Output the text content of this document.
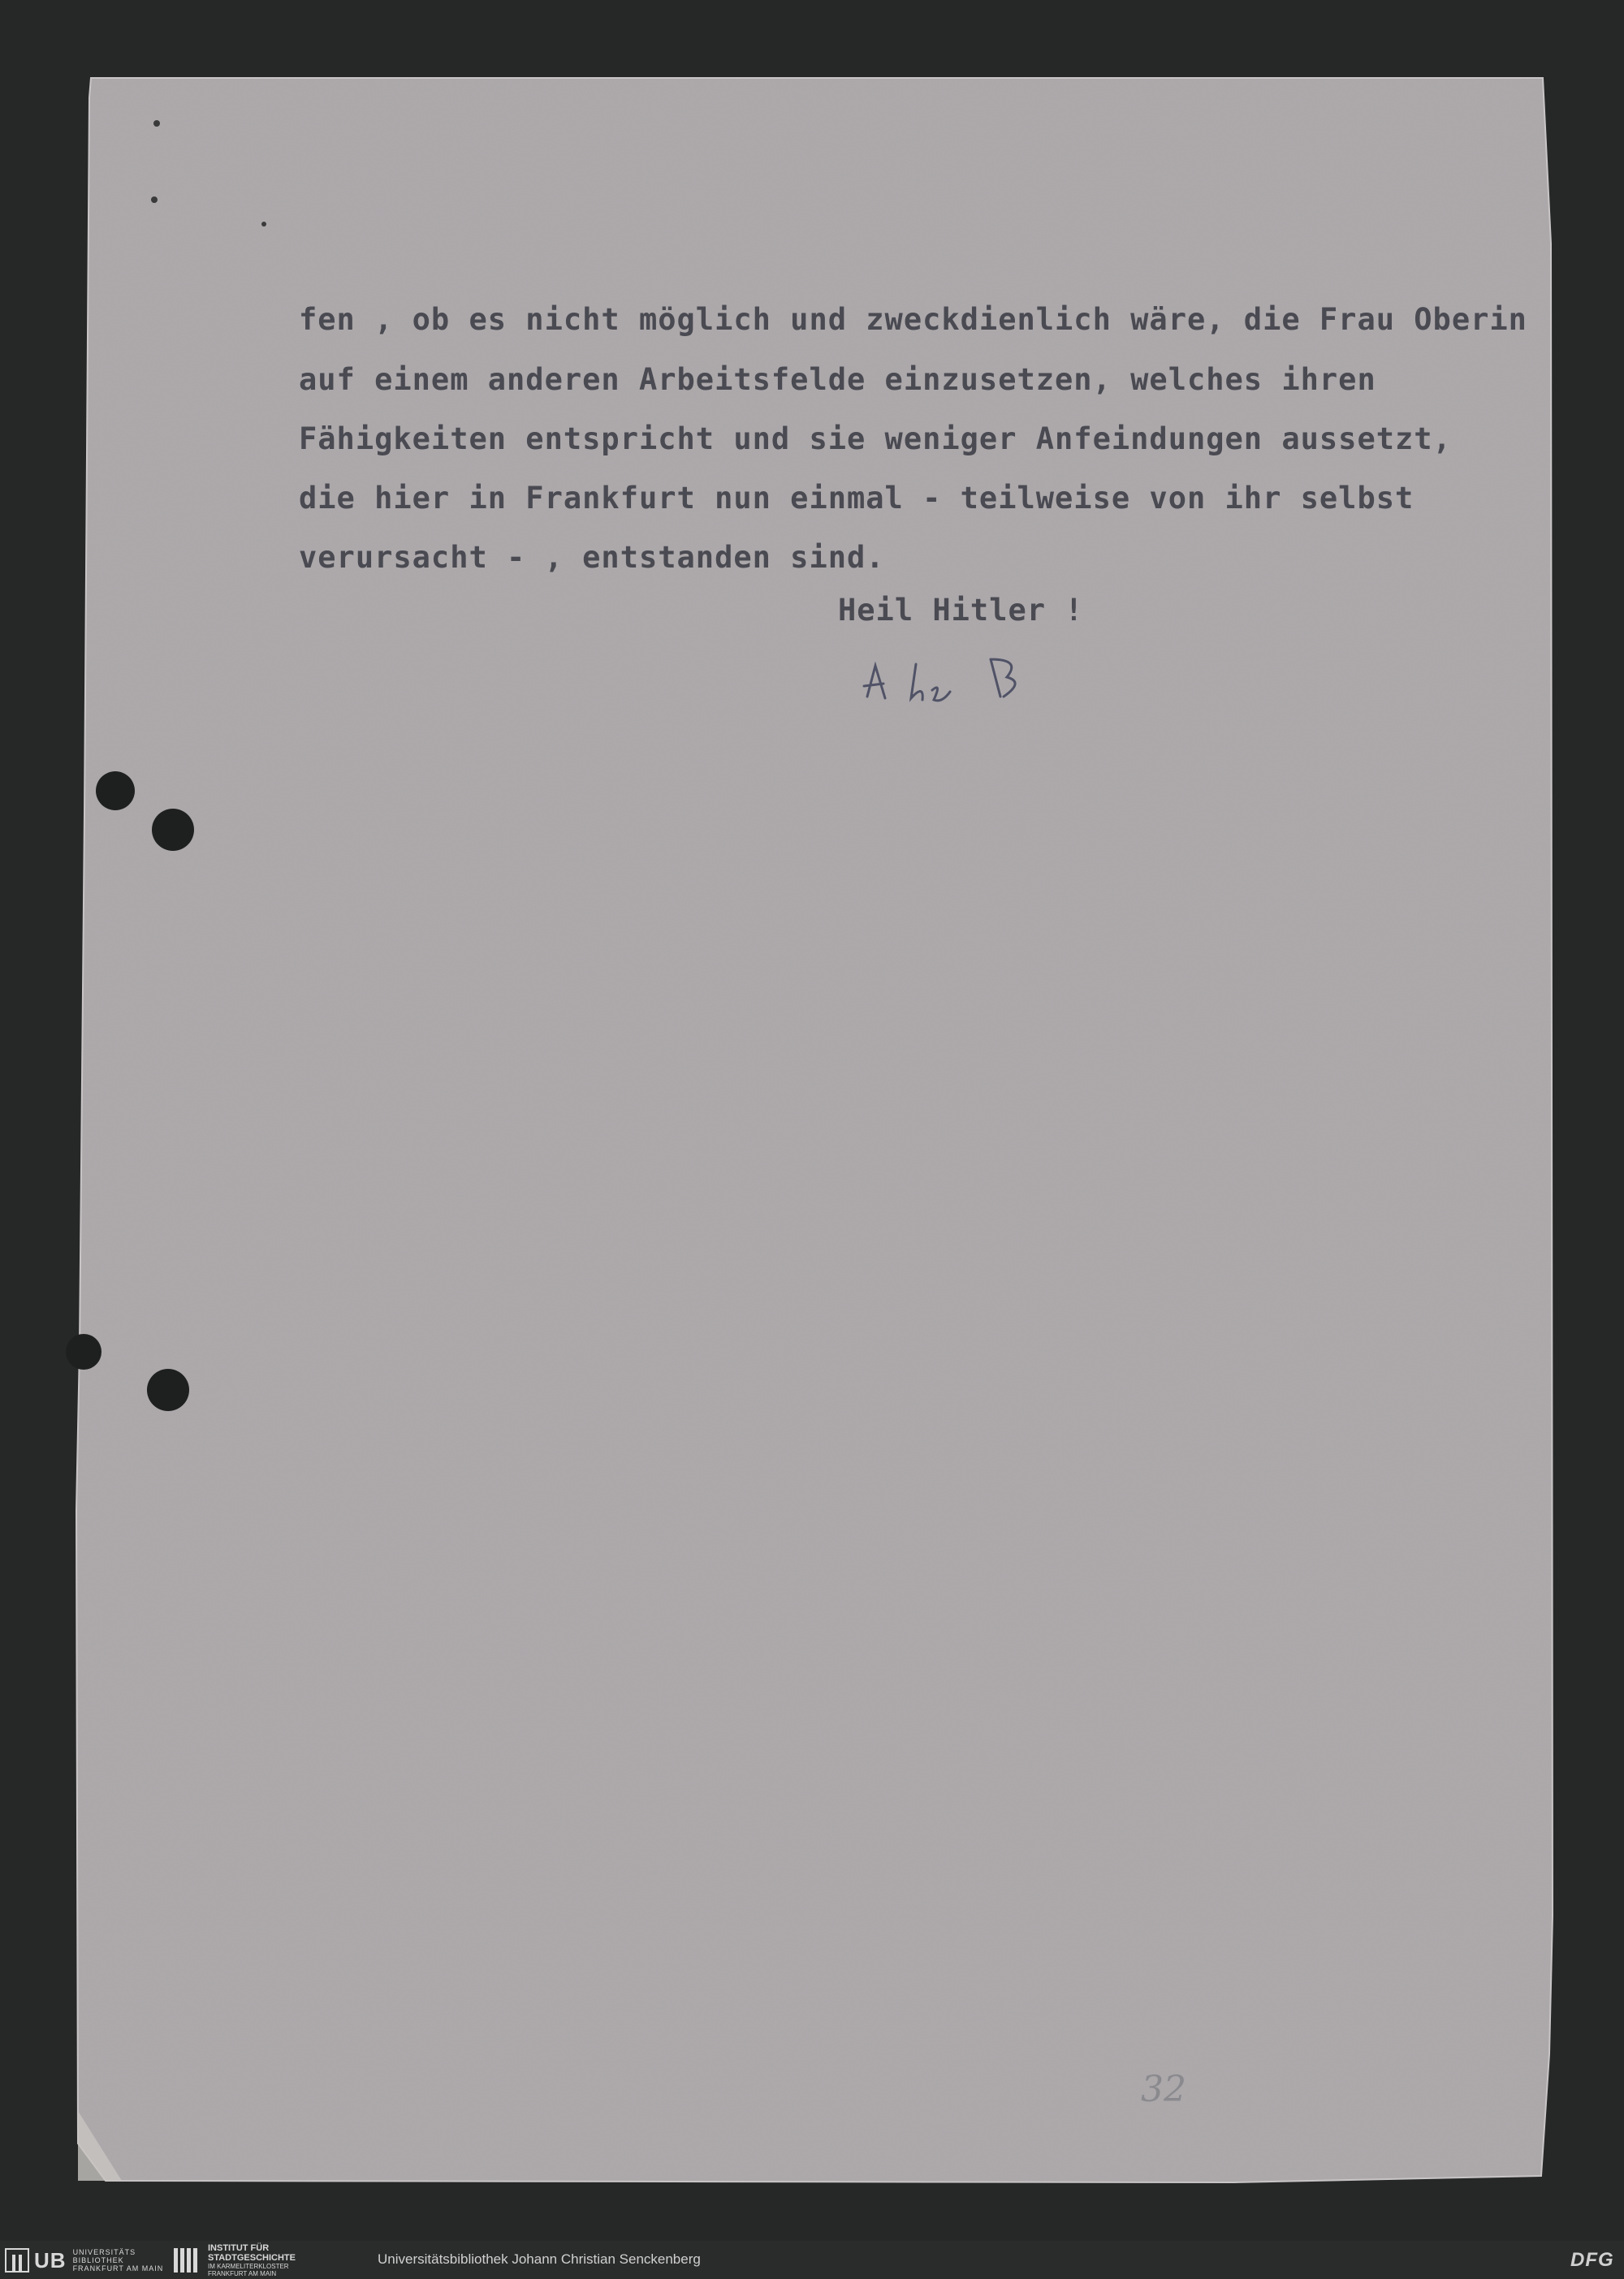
fen , ob es nicht möglich und zweckdienlich wäre, die Frau Oberin
auf einem anderen Arbeitsfelde einzusetzen, welches ihren
Fähigkeiten entspricht und sie weniger Anfeindungen aussetzt,
die hier in Frankfurt nun einmal - teilweise von ihr selbst
verursacht - , entstanden sind.
Heil Hitler !
32
UB UNIVERSITÄTS
BIBLIOTHEK
FRANKFURT AM MAIN
INSTITUT FÜR
STADTGESCHICHTE
IM KARMELITERKLOSTER
FRANKFURT AM MAIN
Universitätsbibliothek Johann Christian Senckenberg	DFG
